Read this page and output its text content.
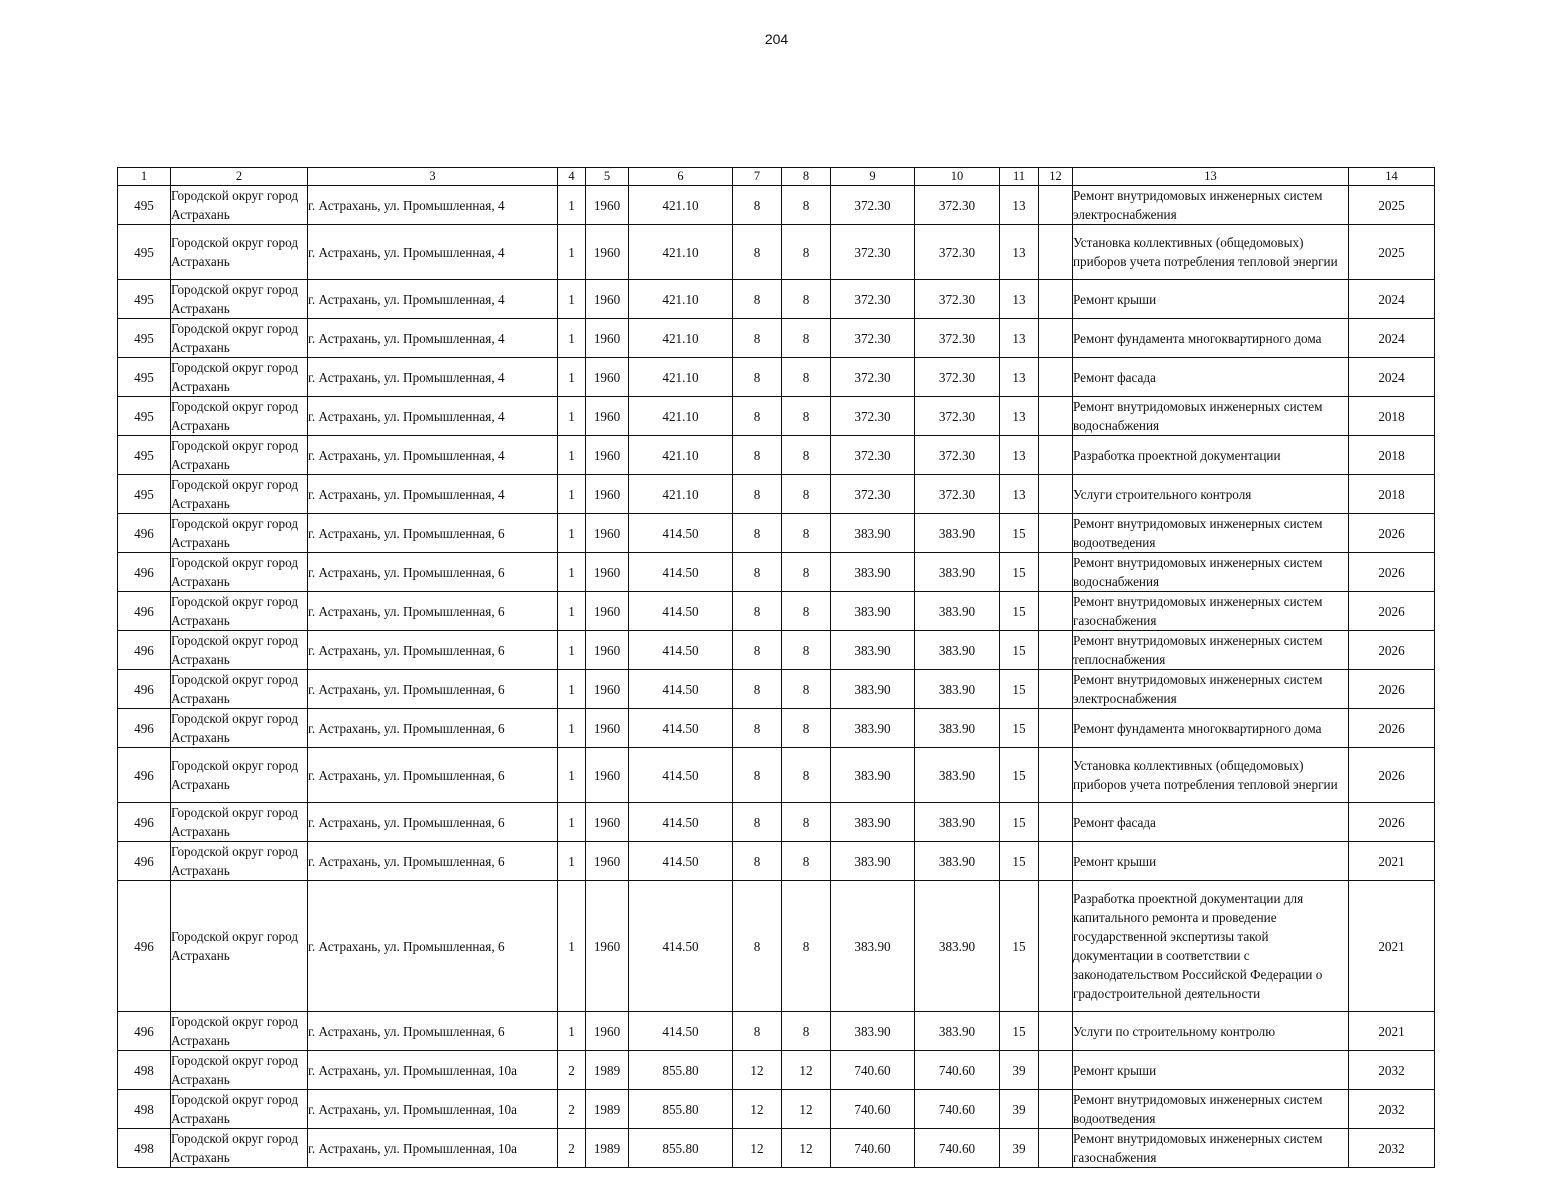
204
1	2	3	4	5	6	7	8	9	10	11	12	13	14
495	Городской округ город Астрахань	г. Астрахань, ул. Промышленная, 4	1	1960	421.10	8	8	372.30	372.30	13		Ремонт внутридомовых инженерных систем электроснабжения	2025
495	Городской округ город Астрахань	г. Астрахань, ул. Промышленная, 4	1	1960	421.10	8	8	372.30	372.30	13		Установка коллективных (общедомовых) приборов учета потребления тепловой энергии	2025
495	Городской округ город Астрахань	г. Астрахань, ул. Промышленная, 4	1	1960	421.10	8	8	372.30	372.30	13		Ремонт крыши	2024
495	Городской округ город Астрахань	г. Астрахань, ул. Промышленная, 4	1	1960	421.10	8	8	372.30	372.30	13		Ремонт фундамента многоквартирного дома	2024
495	Городской округ город Астрахань	г. Астрахань, ул. Промышленная, 4	1	1960	421.10	8	8	372.30	372.30	13		Ремонт фасада	2024
495	Городской округ город Астрахань	г. Астрахань, ул. Промышленная, 4	1	1960	421.10	8	8	372.30	372.30	13		Ремонт внутридомовых инженерных систем водоснабжения	2018
495	Городской округ город Астрахань	г. Астрахань, ул. Промышленная, 4	1	1960	421.10	8	8	372.30	372.30	13		Разработка проектной документации	2018
495	Городской округ город Астрахань	г. Астрахань, ул. Промышленная, 4	1	1960	421.10	8	8	372.30	372.30	13		Услуги строительного контроля	2018
496	Городской округ город Астрахань	г. Астрахань, ул. Промышленная, 6	1	1960	414.50	8	8	383.90	383.90	15		Ремонт внутридомовых инженерных систем водоотведения	2026
496	Городской округ город Астрахань	г. Астрахань, ул. Промышленная, 6	1	1960	414.50	8	8	383.90	383.90	15		Ремонт внутридомовых инженерных систем водоснабжения	2026
496	Городской округ город Астрахань	г. Астрахань, ул. Промышленная, 6	1	1960	414.50	8	8	383.90	383.90	15		Ремонт внутридомовых инженерных систем газоснабжения	2026
496	Городской округ город Астрахань	г. Астрахань, ул. Промышленная, 6	1	1960	414.50	8	8	383.90	383.90	15		Ремонт внутридомовых инженерных систем теплоснабжения	2026
496	Городской округ город Астрахань	г. Астрахань, ул. Промышленная, 6	1	1960	414.50	8	8	383.90	383.90	15		Ремонт внутридомовых инженерных систем электроснабжения	2026
496	Городской округ город Астрахань	г. Астрахань, ул. Промышленная, 6	1	1960	414.50	8	8	383.90	383.90	15		Ремонт фундамента многоквартирного дома	2026
496	Городской округ город Астрахань	г. Астрахань, ул. Промышленная, 6	1	1960	414.50	8	8	383.90	383.90	15		Установка коллективных (общедомовых) приборов учета потребления тепловой энергии	2026
496	Городской округ город Астрахань	г. Астрахань, ул. Промышленная, 6	1	1960	414.50	8	8	383.90	383.90	15		Ремонт фасада	2026
496	Городской округ город Астрахань	г. Астрахань, ул. Промышленная, 6	1	1960	414.50	8	8	383.90	383.90	15		Ремонт крыши	2021
496	Городской округ город Астрахань	г. Астрахань, ул. Промышленная, 6	1	1960	414.50	8	8	383.90	383.90	15		Разработка проектной документации для капитального ремонта и проведение государственной экспертизы такой документации в соответствии с законодательством Российской Федерации о градостроительной деятельности	2021
496	Городской округ город Астрахань	г. Астрахань, ул. Промышленная, 6	1	1960	414.50	8	8	383.90	383.90	15		Услуги по строительному контролю	2021
498	Городской округ город Астрахань	г. Астрахань, ул. Промышленная, 10а	2	1989	855.80	12	12	740.60	740.60	39		Ремонт крыши	2032
498	Городской округ город Астрахань	г. Астрахань, ул. Промышленная, 10а	2	1989	855.80	12	12	740.60	740.60	39		Ремонт внутридомовых инженерных систем водоотведения	2032
498	Городской округ город Астрахань	г. Астрахань, ул. Промышленная, 10а	2	1989	855.80	12	12	740.60	740.60	39		Ремонт внутридомовых инженерных систем газоснабжения	2032
